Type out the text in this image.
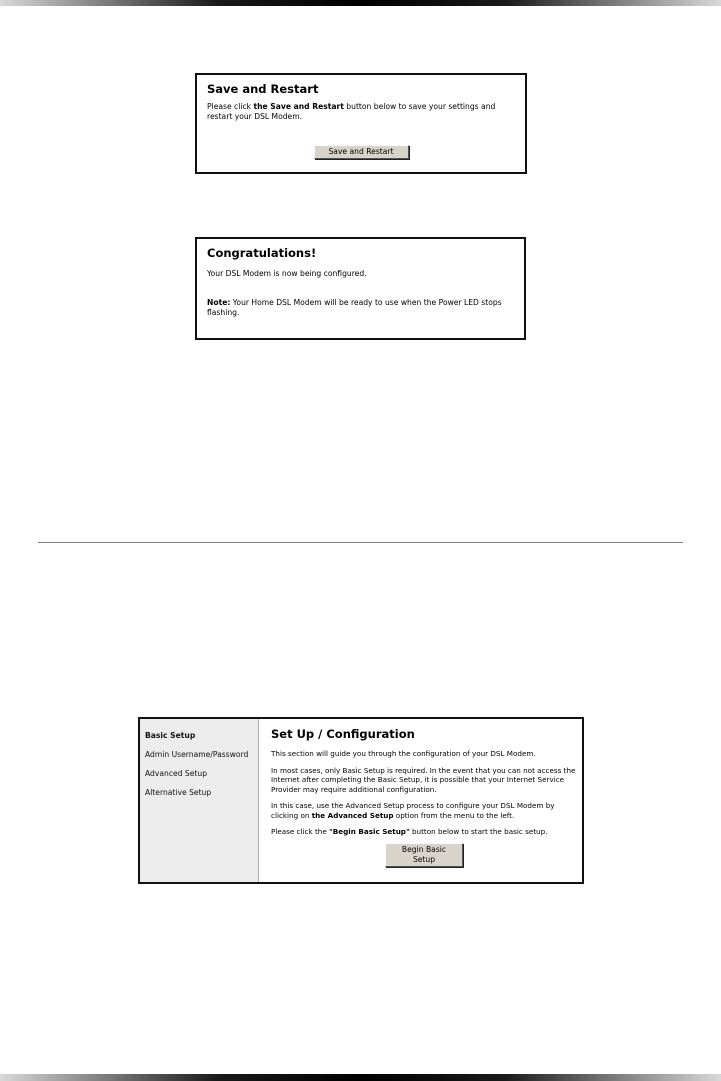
Save and Restart

Please click the Save and Restart button below to save your settings and restart your DSL Modem.

Save and Restart
Congratulations!

Your DSL Modem is now being configured.

Note: Your Home DSL Modem will be ready to use when the Power LED stops flashing.

Basic Setup
Admin Username/Password
Advanced Setup
Alternative Setup
Set Up / Configuration

This section will guide you through the configuration of your DSL Modem.

In most cases, only Basic Setup is required. In the event that you can not access the Internet after completing the Basic Setup, it is possible that your Internet Service Provider may require additional configuration.

In this case, use the Advanced Setup process to configure your DSL Modem by clicking on the Advanced Setup option from the menu to the left.

Please click the "Begin Basic Setup" button below to start the basic setup.

Begin Basic Setup
